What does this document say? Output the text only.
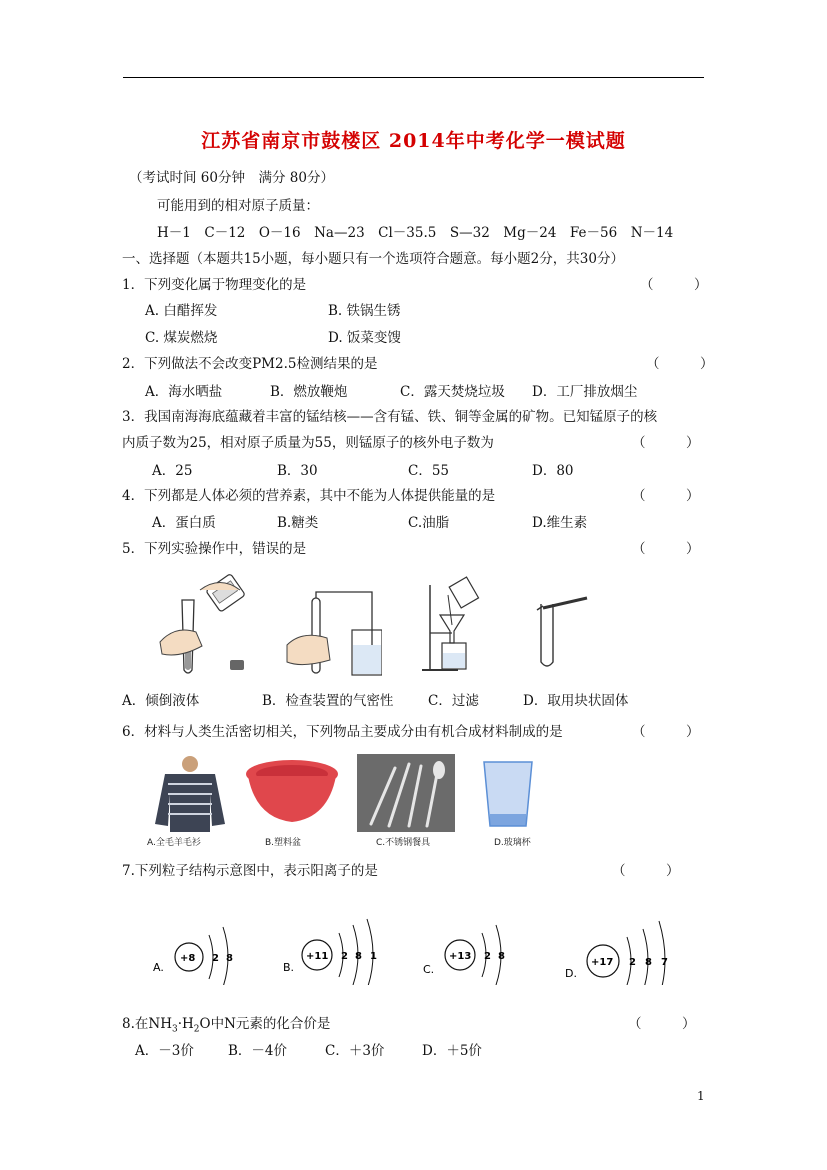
江苏省南京市鼓楼区 2014年中考化学一模试题
（考试时间 60分钟　满分 80分）
可能用到的相对原子质量：
H－1　C－12　O－16　Na—23　Cl－35.5　S—32　Mg－24　Fe－56　N－14
一、选择题（本题共15小题，每小题只有一个选项符合题意。每小题2分，共30分）
1．下列变化属于物理变化的是	（　　　）
A. 白醋挥发	B. 铁锅生锈
C. 煤炭燃烧	D. 饭菜变馊
2．下列做法不会改变PM2.5检测结果的是	（　　　）
A．海水晒盐	B．燃放鞭炮	C．露天焚烧垃圾 D．工厂排放烟尘
3．我国南海海底蕴藏着丰富的锰结核——含有锰、铁、铜等金属的矿物。已知锰原子的核
内质子数为25，相对原子质量为55，则锰原子的核外电子数为	（　　　）
A．25	B．30	C．55	D．80
4．下列都是人体必须的营养素，其中不能为人体提供能量的是	（　　　）
A．蛋白质	B.糖类	C.油脂	D.维生素
5．下列实验操作中，错误的是	（　　　）
A．倾倒液体	B．检查装置的气密性	C．过滤	D．取用块状固体
6．材料与人类生活密切相关，下列物品主要成分由有机合成材料制成的是	（　　　）
A.全毛羊毛衫	B.塑料盆	C.不锈钢餐具	D.玻璃杯
7.下列粒子结构示意图中，表示阳离子的是	（　　　）
A.
+8 2 8
B.
+11 2 8 1
C.
+13 2 8
D.
+17 2 8 7
8.在$NH_3\cdot H_2O$中N元素的化合价是	（　　　）
A．－3价	B．－4价	C．＋3价	D．＋5价
1
